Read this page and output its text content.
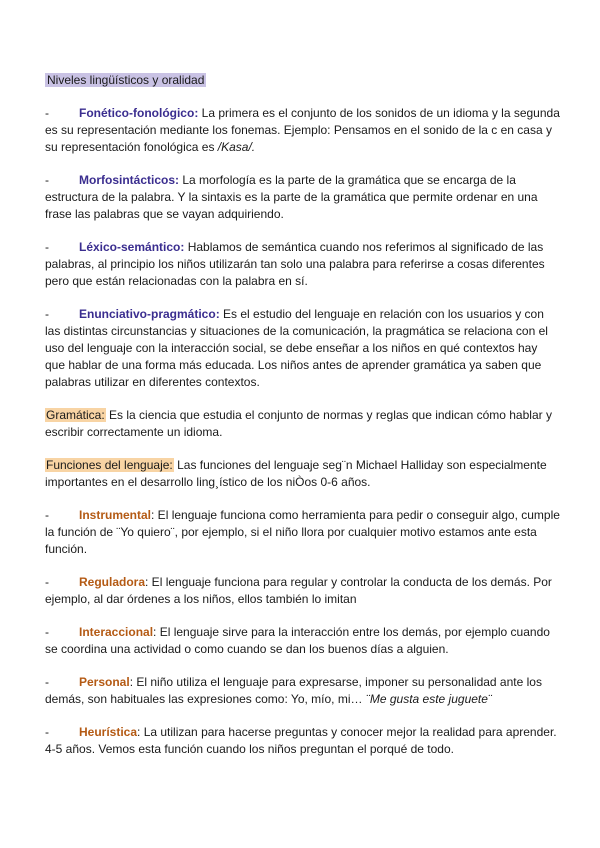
Niveles lingüísticos y oralidad

-	Fonético-fonológico: La primera es el conjunto de los sonidos de un idioma y la segunda es su representación mediante los fonemas. Ejemplo: Pensamos en el sonido de la c en casa y su representación fonológica es /Kasa/.

-	Morfosintácticos: La morfología es la parte de la gramática que se encarga de la estructura de la palabra. Y la sintaxis es la parte de la gramática que permite ordenar en una frase las palabras que se vayan adquiriendo.

-	Léxico-semántico: Hablamos de semántica cuando nos referimos al significado de las palabras, al principio los niños utilizarán tan solo una palabra para referirse a cosas diferentes pero que están relacionadas con la palabra en sí.

-	Enunciativo-pragmático: Es el estudio del lenguaje en relación con los usuarios y con las distintas circunstancias y situaciones de la comunicación, la pragmática se relaciona con el uso del lenguaje con la interacción social, se debe enseñar a los niños en qué contextos hay que hablar de una forma más educada. Los niños antes de aprender gramática ya saben que palabras utilizar en diferentes contextos.

Gramática: Es la ciencia que estudia el conjunto de normas y reglas que indican cómo hablar y escribir correctamente un idioma.

Funciones del lenguaje: Las funciones del lenguaje seg¨n Michael Halliday son especialmente importantes en el desarrollo ling¸ístico de los niÒos 0-6 años.

-	Instrumental: El lenguaje funciona como herramienta para pedir o conseguir algo, cumple la función de ¨Yo quiero¨, por ejemplo, si el niño llora por cualquier motivo estamos ante esta función.

-	Reguladora: El lenguaje funciona para regular y controlar la conducta de los demás. Por ejemplo, al dar órdenes a los niños, ellos también lo imitan

-	Interaccional: El lenguaje sirve para la interacción entre los demás, por ejemplo cuando se coordina una actividad o como cuando se dan los buenos días a alguien.

-	Personal: El niño utiliza el lenguaje para expresarse, imponer su personalidad ante los demás, son habituales las expresiones como: Yo, mío, mi… ¨Me gusta este juguete¨

-	Heurística: La utilizan para hacerse preguntas y conocer mejor la realidad para aprender. 4-5 años. Vemos esta función cuando los niños preguntan el porqué de todo.
